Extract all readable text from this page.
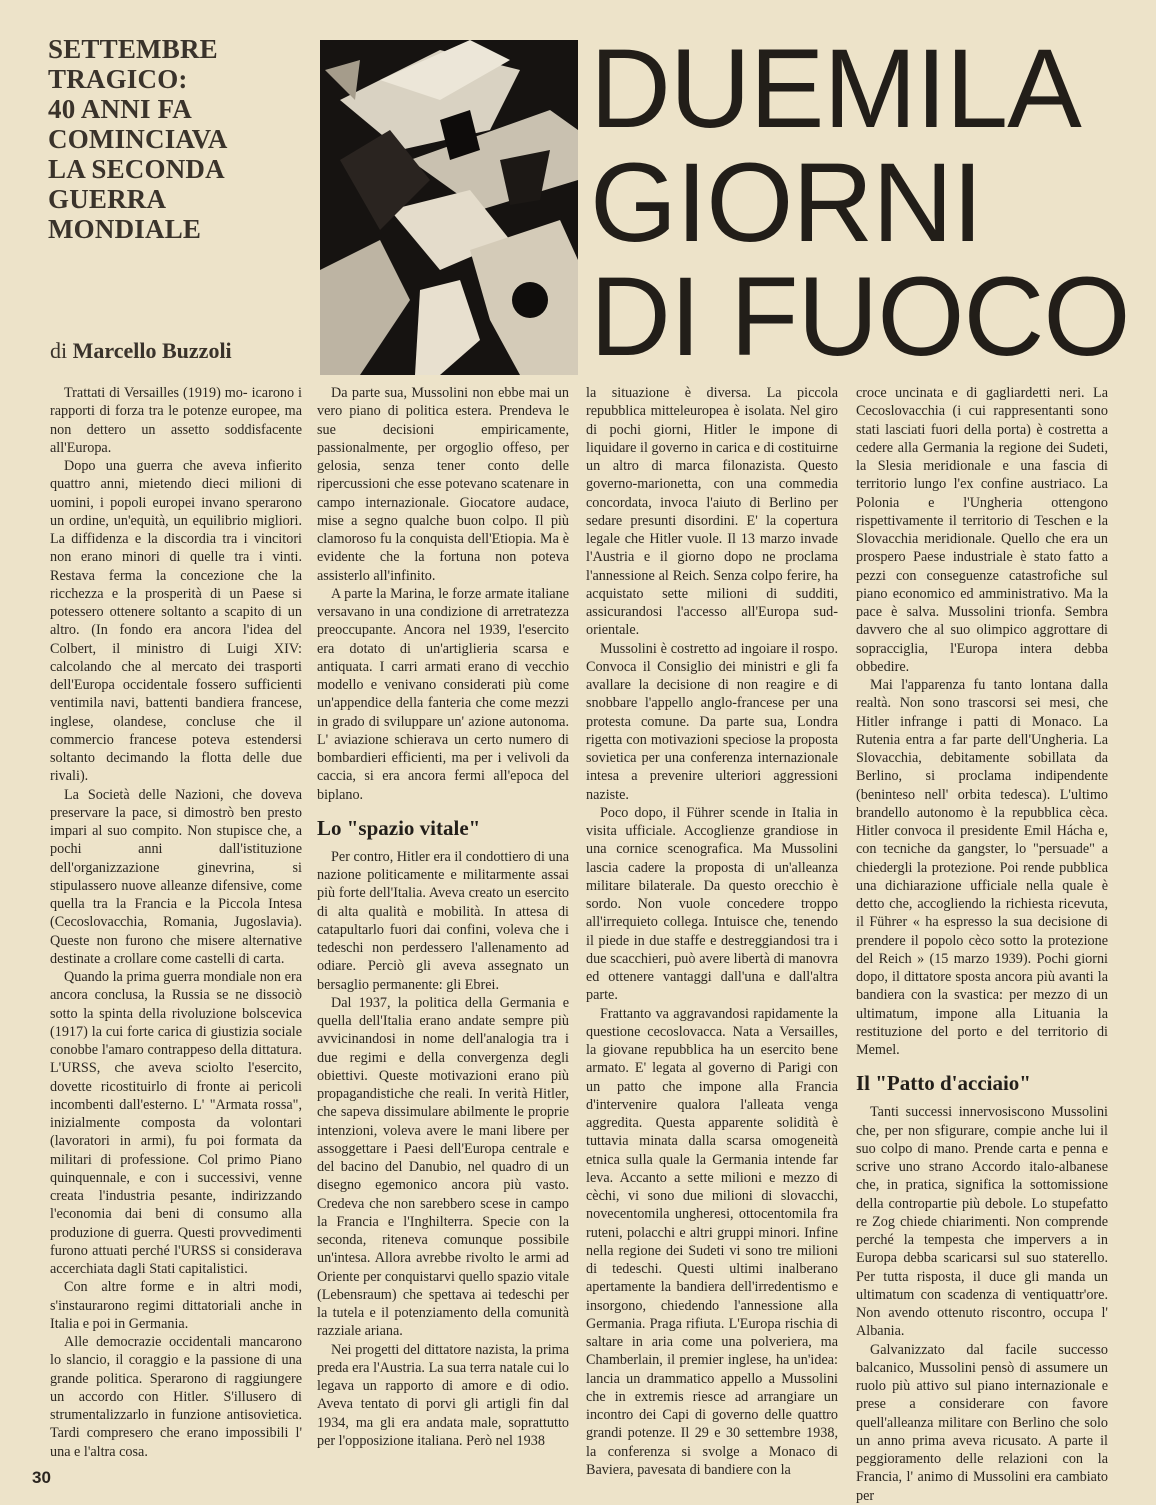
SETTEMBRE
TRAGICO:
40 ANNI FA
COMINCIAVA
LA SECONDA
GUERRA
MONDIALE
DUEMILA
GIORNI
DI FUOCO
di Marcello Buzzoli

Trattati di Versailles (1919) mo- icarono i rapporti di forza tra le potenze europee, ma non dettero un assetto soddisfacente all'Europa.

Dopo una guerra che aveva infierito quattro anni, mietendo dieci milioni di uomini, i popoli europei invano sperarono un ordine, un'equità, un equilibrio migliori. La diffidenza e la discordia tra i vincitori non erano minori di quelle tra i vinti. Restava ferma la concezione che la ricchezza e la prosperità di un Paese si potessero ottenere soltanto a scapito di un altro. (In fondo era ancora l'idea del Colbert, il ministro di Luigi XIV: calcolando che al mercato dei trasporti dell'Europa occidentale fossero sufficienti ventimila navi, battenti bandiera francese, inglese, olandese, concluse che il commercio francese poteva estendersi soltanto decimando la flotta delle due rivali).

La Società delle Nazioni, che doveva preservare la pace, si dimostrò ben presto impari al suo compito. Non stupisce che, a pochi anni dall'istituzione dell'organizzazione ginevrina, si stipulassero nuove alleanze difensive, come quella tra la Francia e la Piccola Intesa (Cecoslovacchia, Romania, Jugoslavia). Queste non furono che misere alternative destinate a crollare come castelli di carta.

Quando la prima guerra mondiale non era ancora conclusa, la Russia se ne dissociò sotto la spinta della rivoluzione bolscevica (1917) la cui forte carica di giustizia sociale conobbe l'amaro contrappeso della dittatura. L'URSS, che aveva sciolto l'esercito, dovette ricostituirlo di fronte ai pericoli incombenti dall'esterno. L' "Armata rossa", inizialmente composta da volontari (lavoratori in armi), fu poi formata da militari di professione. Col primo Piano quinquennale, e con i successivi, venne creata l'industria pesante, indirizzando l'economia dai beni di consumo alla produzione di guerra. Questi provvedimenti furono attuati perché l'URSS si considerava accerchiata dagli Stati capitalistici.

Con altre forme e in altri modi, s'instaurarono regimi dittatoriali anche in Italia e poi in Germania.

Alle democrazie occidentali mancarono lo slancio, il coraggio e la passione di una grande politica. Sperarono di raggiungere un accordo con Hitler. S'illusero di strumentalizzarlo in funzione antisovietica. Tardi compresero che erano impossibili l' una e l'altra cosa.

Da parte sua, Mussolini non ebbe mai un vero piano di politica estera. Prendeva le sue decisioni empiricamente, passionalmente, per orgoglio offeso, per gelosia, senza tener conto delle ripercussioni che esse potevano scatenare in campo internazionale. Giocatore audace, mise a segno qualche buon colpo. Il più clamoroso fu la conquista dell'Etiopia. Ma è evidente che la fortuna non poteva assisterlo all'infinito.

A parte la Marina, le forze armate italiane versavano in una condizione di arretratezza preoccupante. Ancora nel 1939, l'esercito era dotato di un'artiglieria scarsa e antiquata. I carri armati erano di vecchio modello e venivano considerati più come un'appendice della fanteria che come mezzi in grado di sviluppare un' azione autonoma. L' aviazione schierava un certo numero di bombardieri efficienti, ma per i velivoli da caccia, si era ancora fermi all'epoca del biplano.

Lo "spazio vitale"

Per contro, Hitler era il condottiero di una nazione politicamente e militarmente assai più forte dell'Italia. Aveva creato un esercito di alta qualità e mobilità. In attesa di catapultarlo fuori dai confini, voleva che i tedeschi non perdessero l'allenamento ad odiare. Perciò gli aveva assegnato un bersaglio permanente: gli Ebrei.

Dal 1937, la politica della Germania e quella dell'Italia erano andate sempre più avvicinandosi in nome dell'analogia tra i due regimi e della convergenza degli obiettivi. Queste motivazioni erano più propagandistiche che reali. In verità Hitler, che sapeva dissimulare abilmente le proprie intenzioni, voleva avere le mani libere per assoggettare i Paesi dell'Europa centrale e del bacino del Danubio, nel quadro di un disegno egemonico ancora più vasto. Credeva che non sarebbero scese in campo la Francia e l'Inghilterra. Specie con la seconda, riteneva comunque possibile un'intesa. Allora avrebbe rivolto le armi ad Oriente per conquistarvi quello spazio vitale (Lebensraum) che spettava ai tedeschi per la tutela e il potenziamento della comunità razziale ariana.

Nei progetti del dittatore nazista, la prima preda era l'Austria. La sua terra natale cui lo legava un rapporto di amore e di odio. Aveva tentato di porvi gli artigli fin dal 1934, ma gli era andata male, soprattutto per l'opposizione italiana. Però nel 1938

la situazione è diversa. La piccola repubblica mitteleuropea è isolata. Nel giro di pochi giorni, Hitler le impone di liquidare il governo in carica e di costituirne un altro di marca filonazista. Questo governo-marionetta, con una commedia concordata, invoca l'aiuto di Berlino per sedare presunti disordini. E' la copertura legale che Hitler vuole. Il 13 marzo invade l'Austria e il giorno dopo ne proclama l'annessione al Reich. Senza colpo ferire, ha acquistato sette milioni di sudditi, assicurandosi l'accesso all'Europa sud-orientale.

Mussolini è costretto ad ingoiare il rospo. Convoca il Consiglio dei ministri e gli fa avallare la decisione di non reagire e di snobbare l'appello anglo-francese per una protesta comune. Da parte sua, Londra rigetta con motivazioni speciose la proposta sovietica per una conferenza internazionale intesa a prevenire ulteriori aggressioni naziste.

Poco dopo, il Führer scende in Italia in visita ufficiale. Accoglienze grandiose in una cornice scenografica. Ma Mussolini lascia cadere la proposta di un'alleanza militare bilaterale. Da questo orecchio è sordo. Non vuole concedere troppo all'irrequieto collega. Intuisce che, tenendo il piede in due staffe e destreggiandosi tra i due scacchieri, può avere libertà di manovra ed ottenere vantaggi dall'una e dall'altra parte.

Frattanto va aggravandosi rapidamente la questione cecoslovacca. Nata a Versailles, la giovane repubblica ha un esercito bene armato. E' legata al governo di Parigi con un patto che impone alla Francia d'intervenire qualora l'alleata venga aggredita. Questa apparente solidità è tuttavia minata dalla scarsa omogeneità etnica sulla quale la Germania intende far leva. Accanto a sette milioni e mezzo di cèchi, vi sono due milioni di slovacchi, novecentomila ungheresi, ottocentomila fra ruteni, polacchi e altri gruppi minori. Infine nella regione dei Sudeti vi sono tre milioni di tedeschi. Questi ultimi inalberano apertamente la bandiera dell'irredentismo e insorgono, chiedendo l'annessione alla Germania. Praga rifiuta. L'Europa rischia di saltare in aria come una polveriera, ma Chamberlain, il premier inglese, ha un'idea: lancia un drammatico appello a Mussolini che in extremis riesce ad arrangiare un incontro dei Capi di governo delle quattro grandi potenze. Il 29 e 30 settembre 1938, la conferenza si svolge a Monaco di Baviera, pavesata di bandiere con la

croce uncinata e di gagliardetti neri. La Cecoslovacchia (i cui rappresentanti sono stati lasciati fuori della porta) è costretta a cedere alla Germania la regione dei Sudeti, la Slesia meridionale e una fascia di territorio lungo l'ex confine austriaco. La Polonia e l'Ungheria ottengono rispettivamente il territorio di Teschen e la Slovacchia meridionale. Quello che era un prospero Paese industriale è stato fatto a pezzi con conseguenze catastrofiche sul piano economico ed amministrativo. Ma la pace è salva. Mussolini trionfa. Sembra davvero che al suo olimpico aggrottare di sopracciglia, l'Europa intera debba obbedire.

Mai l'apparenza fu tanto lontana dalla realtà. Non sono trascorsi sei mesi, che Hitler infrange i patti di Monaco. La Rutenia entra a far parte dell'Ungheria. La Slovacchia, debitamente sobillata da Berlino, si proclama indipendente (beninteso nell' orbita tedesca). L'ultimo brandello autonomo è la repubblica cèca. Hitler convoca il presidente Emil Hácha e, con tecniche da gangster, lo "persuade" a chiedergli la protezione. Poi rende pubblica una dichiarazione ufficiale nella quale è detto che, accogliendo la richiesta ricevuta, il Führer « ha espresso la sua decisione di prendere il popolo cèco sotto la protezione del Reich » (15 marzo 1939). Pochi giorni dopo, il dittatore sposta ancora più avanti la bandiera con la svastica: per mezzo di un ultimatum, impone alla Lituania la restituzione del porto e del territorio di Memel.

Il "Patto d'acciaio"

Tanti successi innervosiscono Mussolini che, per non sfigurare, compie anche lui il suo colpo di mano. Prende carta e penna e scrive uno strano Accordo italo-albanese che, in pratica, significa la sottomissione della contropartie più debole. Lo stupefatto re Zog chiede chiarimenti. Non comprende perché la tempesta che impervers a in Europa debba scaricarsi sul suo staterello. Per tutta risposta, il duce gli manda un ultimatum con scadenza di ventiquattr'ore. Non avendo ottenuto riscontro, occupa l' Albania.

Galvanizzato dal facile successo balcanico, Mussolini pensò di assumere un ruolo più attivo sul piano internazionale e prese a considerare con favore quell'alleanza militare con Berlino che solo un anno prima aveva ricusato. A parte il peggioramento delle relazioni con la Francia, l' animo di Mussolini era cambiato per

30
